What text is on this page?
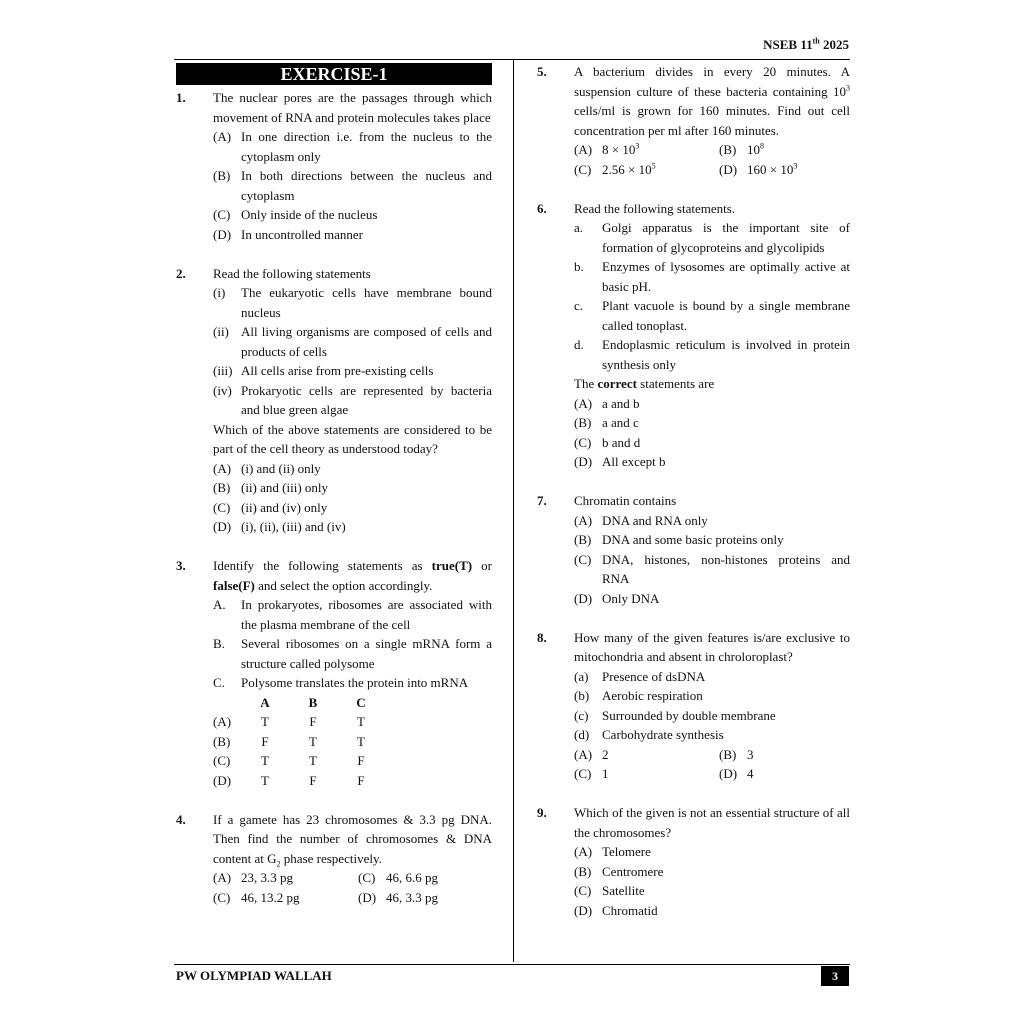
NSEB 11th 2025
EXERCISE-1
1.	The nuclear pores are the passages through which movement of RNA and protein molecules takes place
(A) In one direction i.e. from the nucleus to the cytoplasm only
(B) In both directions between the nucleus and cytoplasm
(C) Only inside of the nucleus
(D) In uncontrolled manner
2.	Read the following statements
(i)	The eukaryotic cells have membrane bound nucleus
(ii) All living organisms are composed of cells and products of cells
(iii) All cells arise from pre-existing cells
(iv) Prokaryotic cells are represented by bacteria and blue green algae
Which of the above statements are considered to be part of the cell theory as understood today?
(A) (i) and (ii) only
(B) (ii) and (iii) only
(C) (ii) and (iv) only
(D) (i), (ii), (iii) and (iv)
3.	Identify the following statements as true(T) or false(F) and select the option accordingly.
A.	In prokaryotes, ribosomes are associated with the plasma membrane of the cell
B.	Several ribosomes on a single mRNA form a structure called polysome
C.	Polysome translates the protein into mRNA
A	B	C
(A)	T	F	T
(B)	F	T	T
(C)	T	T	F
(D)	T	F	F
4.	If a gamete has 23 chromosomes & 3.3 pg DNA. Then find the number of chromosomes & DNA content at $G_2$ phase respectively.
(A) 23, 3.3 pg	(C) 46, 6.6 pg
(C) 46, 13.2 pg	(D) 46, 3.3 pg
5.	A bacterium divides in every 20 minutes. A suspension culture of these bacteria containing $10^3$ cells/ml is grown for 160 minutes. Find out cell concentration per ml after 160 minutes.
(A) $8 \times 10^3$	(B) $10^8$
(C) $2.56 \times 10^5$	(D) $160 \times 10^3$
6.	Read the following statements.
a.	Golgi apparatus is the important site of formation of glycoproteins and glycolipids
b.	Enzymes of lysosomes are optimally active at basic pH.
c.	Plant vacuole is bound by a single membrane called tonoplast.
d.	Endoplasmic reticulum is involved in protein synthesis only
The correct statements are
(A) a and b
(B) a and c
(C) b and d
(D) All except b
7.	Chromatin contains
(A) DNA and RNA only
(B) DNA and some basic proteins only
(C) DNA, histones, non-histones proteins and RNA
(D) Only DNA
8.	How many of the given features is/are exclusive to mitochondria and absent in chroloroplast?
(a)	Presence of dsDNA
(b) Aerobic respiration
(c)	Surrounded by double membrane
(d) Carbohydrate synthesis
(A) 2	(B) 3
(C) 1	(D) 4
9.	Which of the given is not an essential structure of all the chromosomes?
(A) Telomere
(B) Centromere
(C) Satellite
(D) Chromatid
PW OLYMPIAD WALLAH	3
